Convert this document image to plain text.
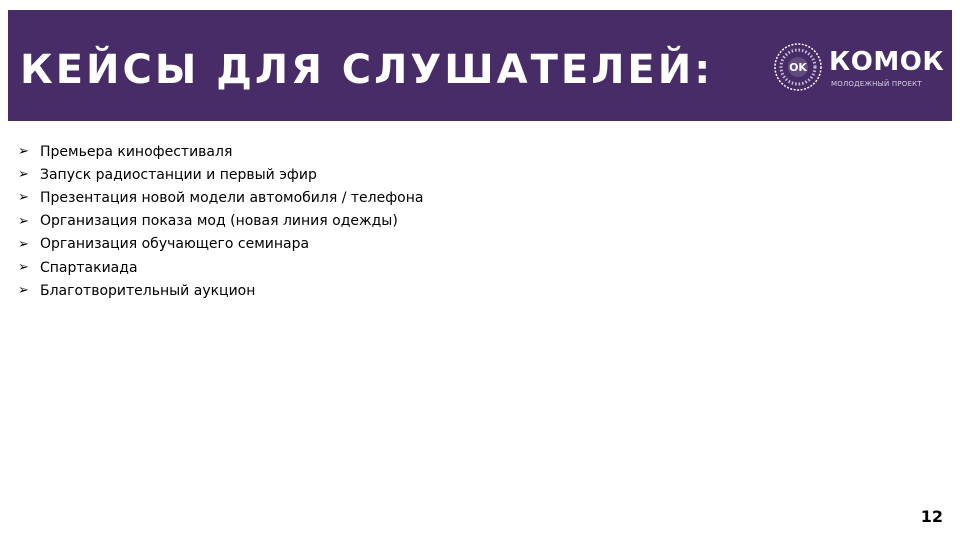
КЕЙСЫ ДЛЯ СЛУШАТЕЛЕЙ:	OK КОМОК
МОЛОДЕЖНЫЙ ПРОЕКТ
➢ Премьера кинофестиваля
➢ Запуск радиостанции и первый эфир
➢ Презентация новой модели автомобиля / телефона
➢ Организация показа мод (новая линия одежды)
➢ Организация обучающего семинара
➢ Спартакиада
➢ Благотворительный аукцион
12
